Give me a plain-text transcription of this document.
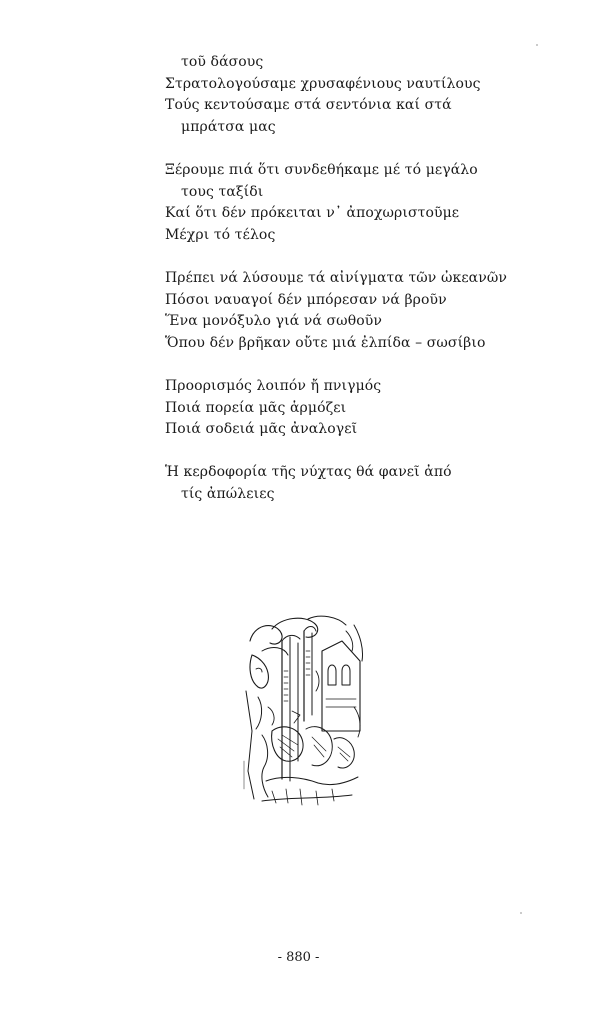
τοῦ δάσους
Στρατολογούσαμε χρυσαφένιους ναυτίλους
Τούς κεντούσαμε στά σεντόνια καί στά
μπράτσα μας
Ξέρουμε πιά ὅτι συνδεθήκαμε μέ τό μεγάλο
τους ταξίδι
Καί ὅτι δέν πρόκειται ν᾽ ἀποχωριστοῦμε
Μέχρι τό τέλος
Πρέπει νά λύσουμε τά αἰνίγματα τῶν ὠκεανῶν
Πόσοι ναυαγοί δέν μπόρεσαν νά βροῦν
Ἕνα μονόξυλο γιά νά σωθοῦν
Ὅπου δέν βρῆκαν οὔτε μιά ἐλπίδα – σωσίβιο
Προορισμός λοιπόν ἤ πνιγμός
Ποιά πορεία μᾶς ἁρμόζει
Ποιά σοδειά μᾶς ἀναλογεῖ
Ἡ κερδοφορία τῆς νύχτας θά φανεῖ ἀπό
τίς ἀπώλειες
- 880 -
